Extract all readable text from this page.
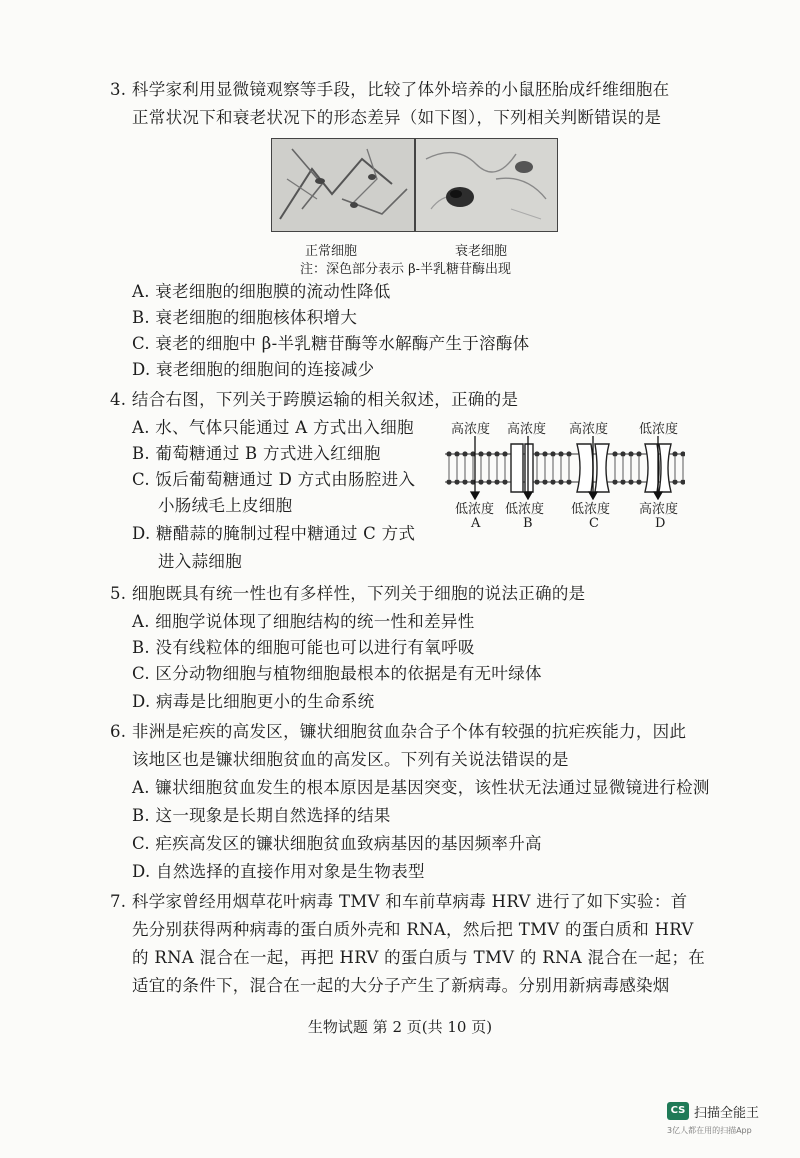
3. 科学家利用显微镜观察等手段，比较了体外培养的小鼠胚胎成纤维细胞在
正常状况下和衰老状况下的形态差异（如下图），下列相关判断错误的是
正常细胞	衰老细胞
注：深色部分表示 β-半乳糖苷酶出现
A. 衰老细胞的细胞膜的流动性降低
B. 衰老细胞的细胞核体积增大
C. 衰老的细胞中 β-半乳糖苷酶等水解酶产生于溶酶体
D. 衰老细胞的细胞间的连接减少
4. 结合右图，下列关于跨膜运输的相关叙述，正确的是
A. 水、气体只能通过 A 方式出入细胞
B. 葡萄糖通过 B 方式进入红细胞
C. 饭后葡萄糖通过 D 方式由肠腔进入
小肠绒毛上皮细胞
D. 糖醋蒜的腌制过程中糖通过 C 方式
进入蒜细胞
高浓度 高浓度 高浓度 低浓度
低浓度 低浓度 低浓度 高浓度
A	B	C	D
5. 细胞既具有统一性也有多样性，下列关于细胞的说法正确的是
A. 细胞学说体现了细胞结构的统一性和差异性
B. 没有线粒体的细胞可能也可以进行有氧呼吸
C. 区分动物细胞与植物细胞最根本的依据是有无叶绿体
D. 病毒是比细胞更小的生命系统
6. 非洲是疟疾的高发区，镰状细胞贫血杂合子个体有较强的抗疟疾能力，因此
该地区也是镰状细胞贫血的高发区。下列有关说法错误的是
A. 镰状细胞贫血发生的根本原因是基因突变，该性状无法通过显微镜进行检测
B. 这一现象是长期自然选择的结果
C. 疟疾高发区的镰状细胞贫血致病基因的基因频率升高
D. 自然选择的直接作用对象是生物表型
7. 科学家曾经用烟草花叶病毒 TMV 和车前草病毒 HRV 进行了如下实验：首
先分别获得两种病毒的蛋白质外壳和 RNA，然后把 TMV 的蛋白质和 HRV
的 RNA 混合在一起，再把 HRV 的蛋白质与 TMV 的 RNA 混合在一起；在
适宜的条件下，混合在一起的大分子产生了新病毒。分别用新病毒感染烟
生物试题 第 2 页(共 10 页)
CS 扫描全能王
3亿人都在用的扫描App
